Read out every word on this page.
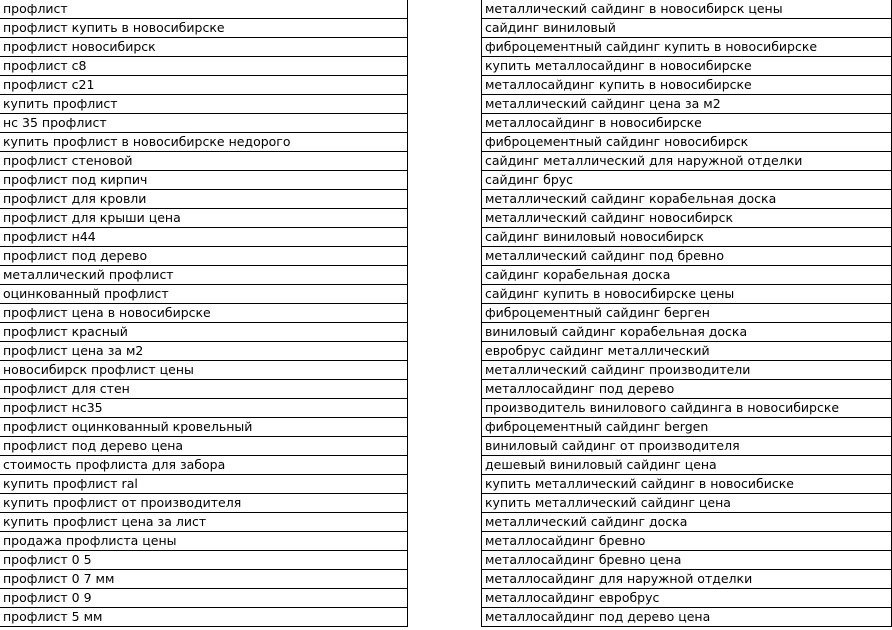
профлист
профлист купить в новосибирске
профлист новосибирск
профлист с8
профлист с21
купить профлист
нс 35 профлист
купить профлист в новосибирске недорого
профлист стеновой
профлист под кирпич
профлист для кровли
профлист для крыши цена
профлист н44
профлист под дерево
металлический профлист
оцинкованный профлист
профлист цена в новосибирске
профлист красный
профлист цена за м2
новосибирск профлист цены
профлист для стен
профлист нс35
профлист оцинкованный кровельный
профлист под дерево цена
стоимость профлиста для забора
купить профлист ral
купить профлист от производителя
купить профлист цена за лист
продажа профлиста цены
профлист 0 5
профлист 0 7 мм
профлист 0 9
профлист 5 мм
металлический сайдинг в новосибирск цены
сайдинг виниловый
фиброцементный сайдинг купить в новосибирске
купить металлосайдинг в новосибирске
металлосайдинг купить в новосибирске
металлический сайдинг цена за м2
металлосайдинг в новосибирске
фиброцементный сайдинг новосибирск
сайдинг металлический для наружной отделки
сайдинг брус
металлический сайдинг корабельная доска
металлический сайдинг новосибирск
сайдинг виниловый новосибирск
металлический сайдинг под бревно
сайдинг корабельная доска
сайдинг купить в новосибирске цены
фиброцементный сайдинг берген
виниловый сайдинг корабельная доска
евробрус сайдинг металлический
металлический сайдинг производители
металлосайдинг под дерево
производитель винилового сайдинга в новосибирске
фиброцементный сайдинг bergen
виниловый сайдинг от производителя
дешевый виниловый сайдинг цена
купить металлический сайдинг в новосибиске
купить металлический сайдинг цена
металлический сайдинг доска
металлосайдинг бревно
металлосайдинг бревно цена
металлосайдинг для наружной отделки
металлосайдинг евробрус
металлосайдинг под дерево цена
